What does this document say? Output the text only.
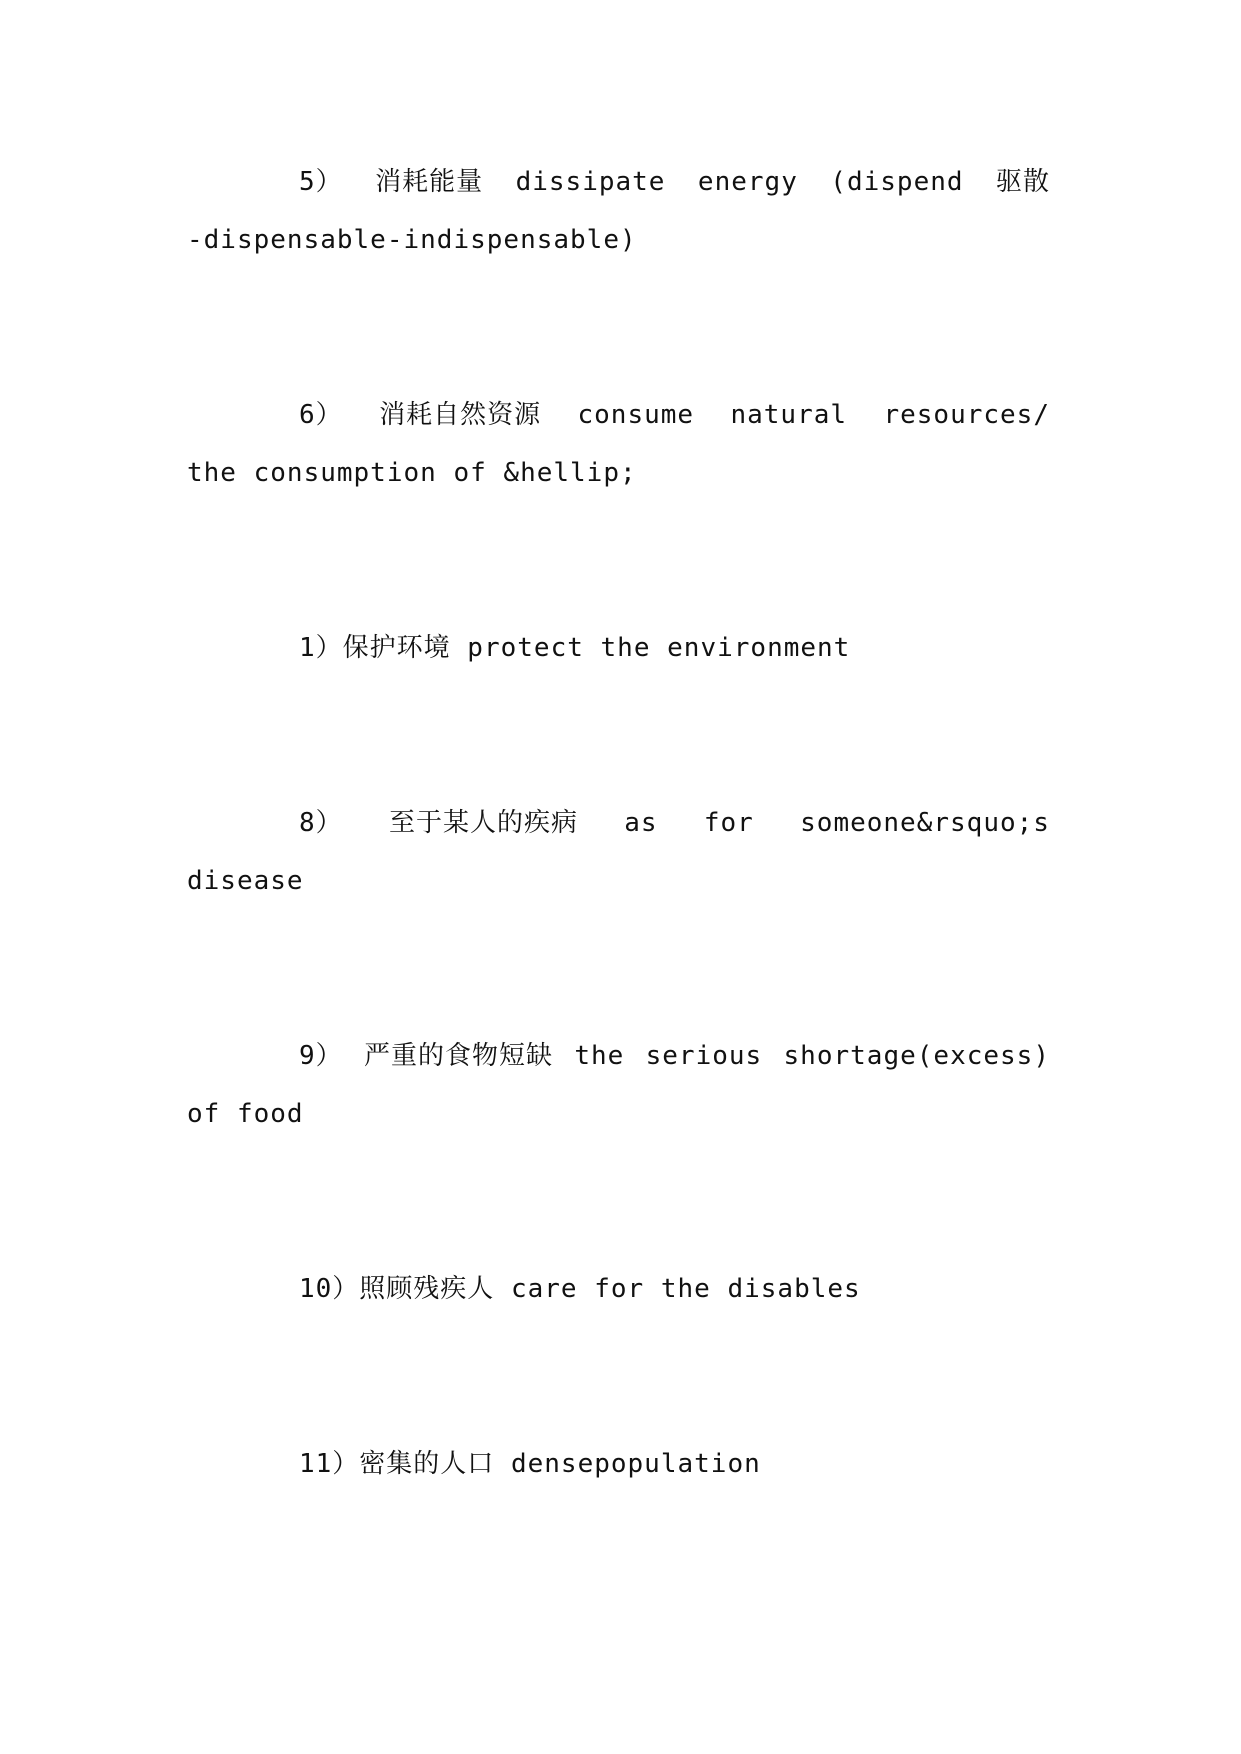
5） 消耗能量 dissipate energy (dispend 驱散
-dispensable-indispensable)
6） 消耗自然资源 consume natural resources/
the consumption of &hellip;
1）保护环境 protect the environment
8） 至于某人的疾病 as for someone&rsquo;s
disease
9） 严重的食物短缺 the serious shortage(excess)
of food
10）照顾残疾人 care for the disables
11）密集的人口 densepopulation
